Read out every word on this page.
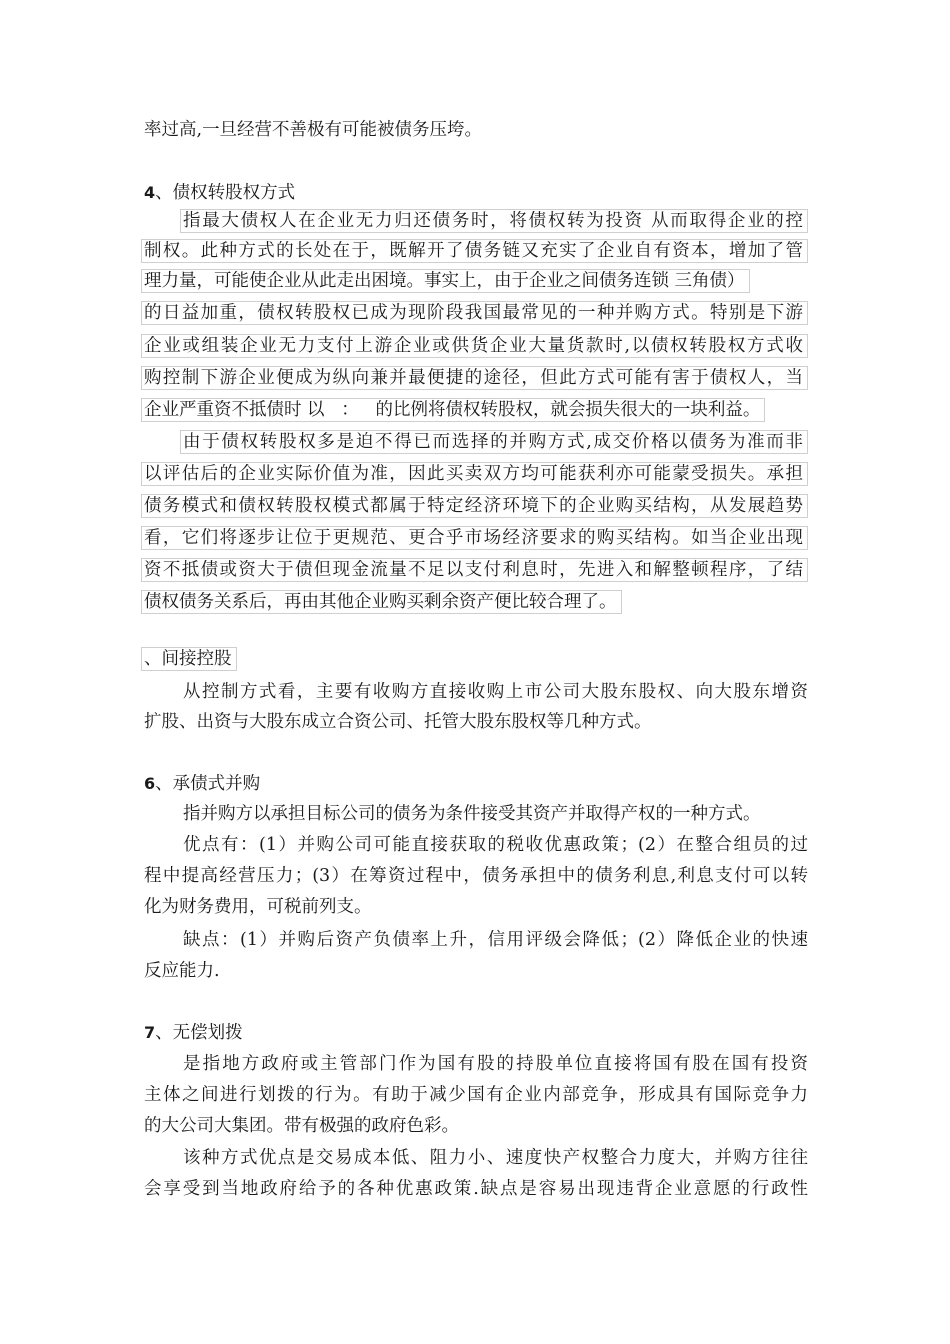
率过高,一旦经营不善极有可能被债务压垮。
4、债权转股权方式
指最大债权人在企业无力归还债务时，将债权转为投资 从而取得企业的控
制权。此种方式的长处在于，既解开了债务链又充实了企业自有资本，增加了管
理力量，可能使企业从此走出困境。事实上，由于企业之间债务连锁 三角债）
的日益加重，债权转股权已成为现阶段我国最常见的一种并购方式。特别是下游
企业或组装企业无力支付上游企业或供货企业大量货款时,以债权转股权方式收
购控制下游企业便成为纵向兼并最便捷的途径，但此方式可能有害于债权人，当
企业严重资不抵债时 以   ：   的比例将债权转股权，就会损失很大的一块利益。
由于债权转股权多是迫不得已而选择的并购方式,成交价格以债务为准而非
以评估后的企业实际价值为准，因此买卖双方均可能获利亦可能蒙受损失。承担
债务模式和债权转股权模式都属于特定经济环境下的企业购买结构，从发展趋势
看，它们将逐步让位于更规范、更合乎市场经济要求的购买结构。如当企业出现
资不抵债或资大于债但现金流量不足以支付利息时，先进入和解整顿程序，了结
债权债务关系后，再由其他企业购买剩余资产便比较合理了。
、间接控股
从控制方式看，主要有收购方直接收购上市公司大股东股权、向大股东增资
扩股、出资与大股东成立合资公司、托管大股东股权等几种方式。
6、承债式并购
指并购方以承担目标公司的债务为条件接受其资产并取得产权的一种方式。
优点有：(1）并购公司可能直接获取的税收优惠政策；(2）在整合组员的过
程中提高经营压力；(3）在筹资过程中，债务承担中的债务利息,利息支付可以转
化为财务费用，可税前列支。
缺点：(1）并购后资产负债率上升，信用评级会降低；(2）降低企业的快速
反应能力.
7、无偿划拨
是指地方政府或主管部门作为国有股的持股单位直接将国有股在国有投资
主体之间进行划拨的行为。有助于减少国有企业内部竞争，形成具有国际竞争力
的大公司大集团。带有极强的政府色彩。
该种方式优点是交易成本低、阻力小、速度快产权整合力度大，并购方往往
会享受到当地政府给予的各种优惠政策.缺点是容易出现违背企业意愿的行政性
